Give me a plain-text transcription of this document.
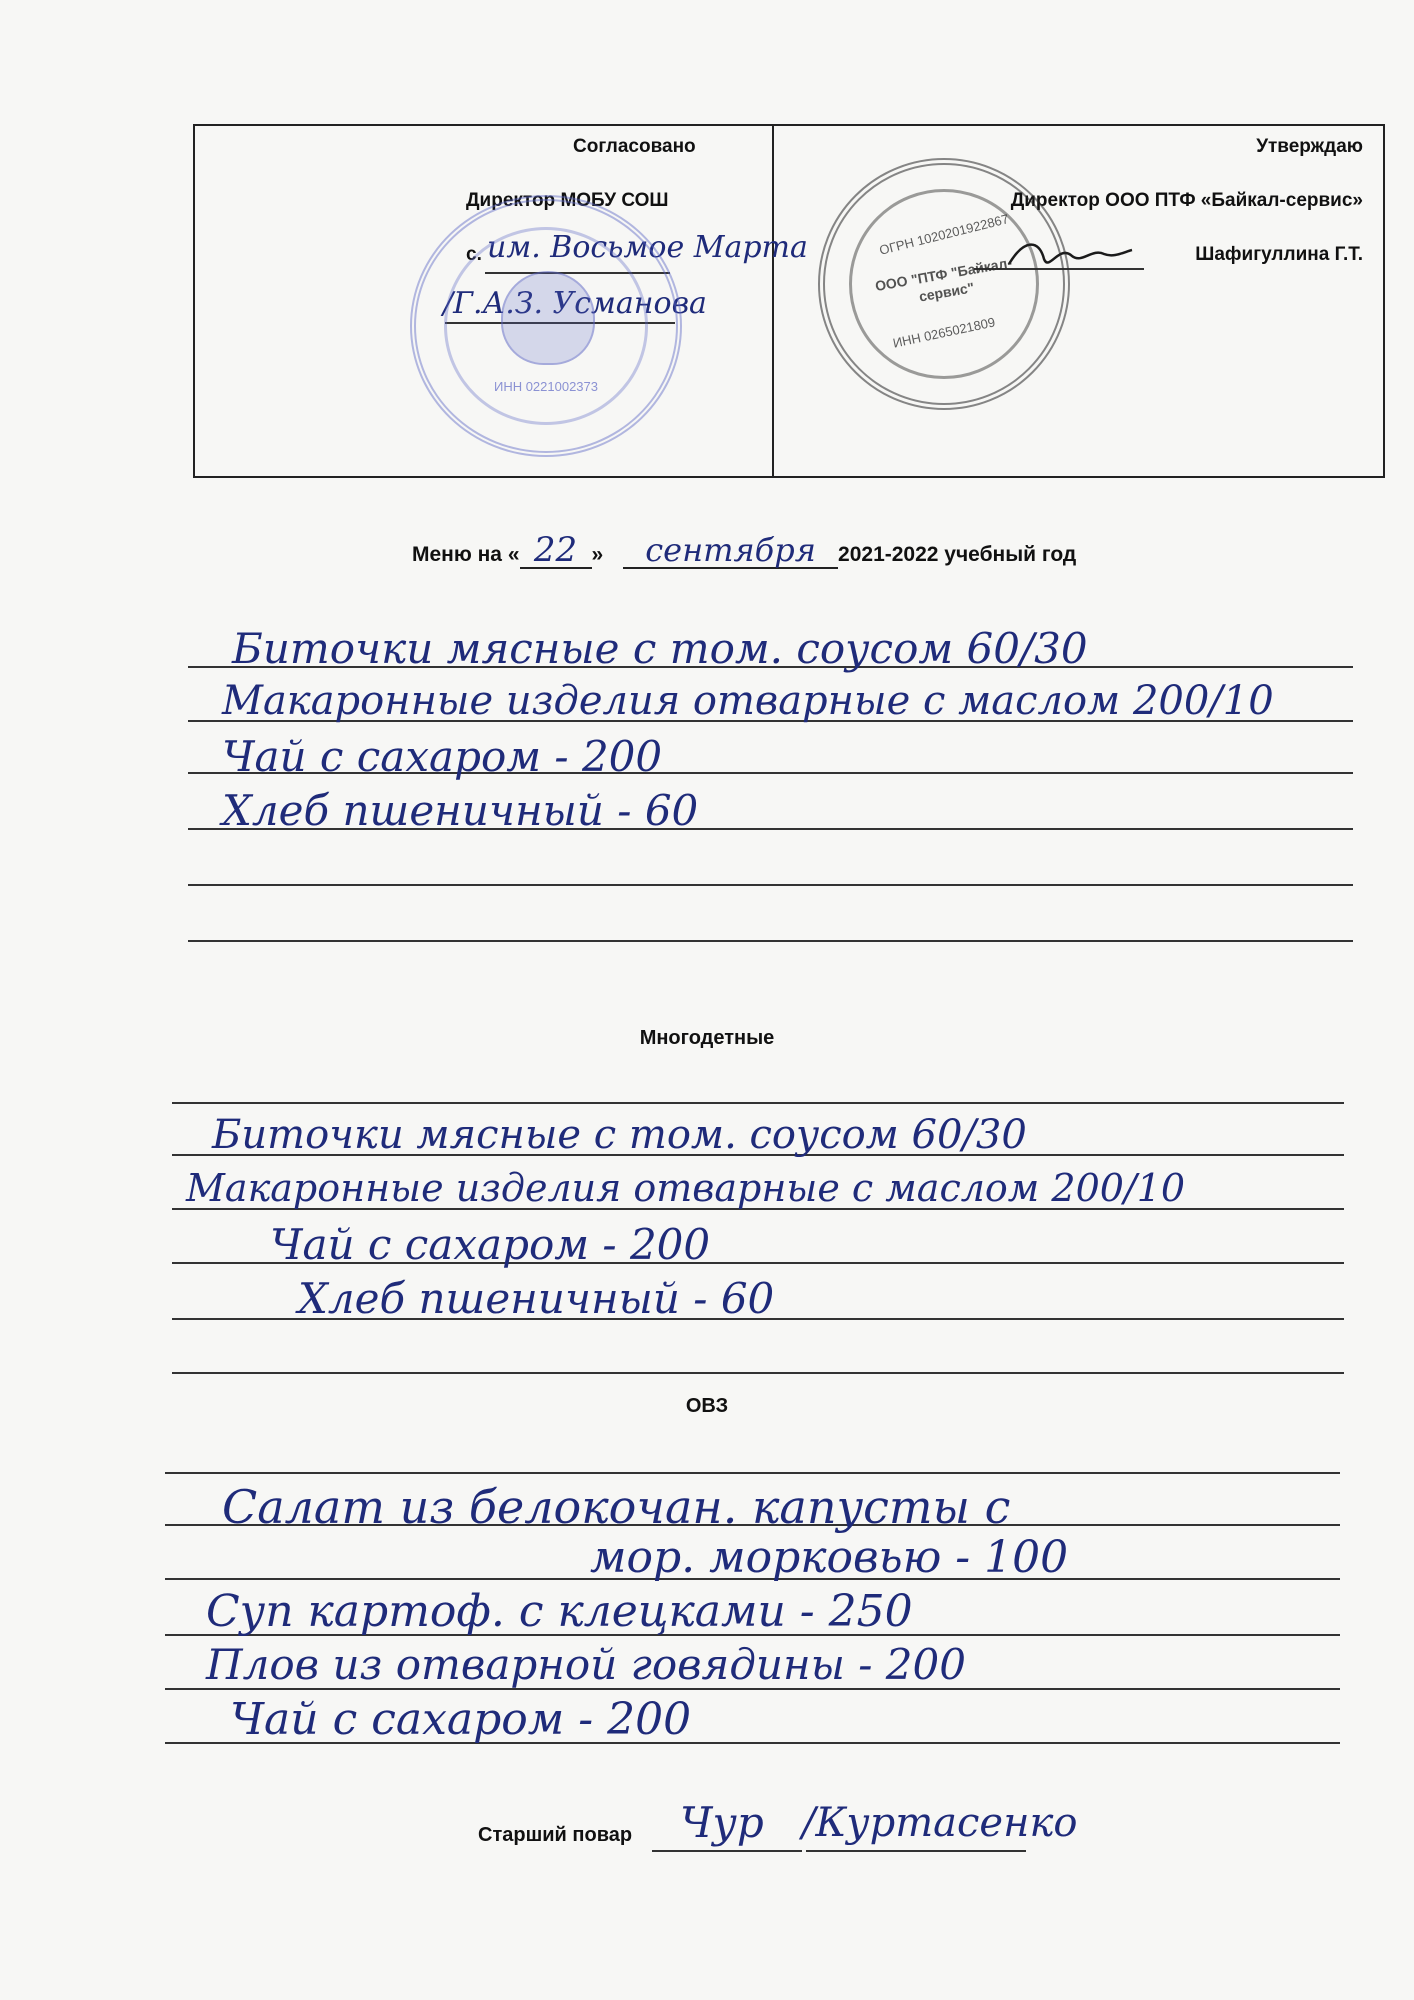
Согласовано
Директор МОБУ СОШ
с. им. Восьмое Марта
/Г.А.З. Усманова
Утверждаю
Директор ООО ПТФ «Байкал-сервис»
Шафигуллина Г.Т.
ИНН 0221002373
ОГРН 1020201922867
ООО "ПТФ "Байкал-сервис"
ИНН 0265021809
Меню на « 22 » сентября 2021-2022 учебный год
Биточки мясные с том. соусом 60/30
Макаронные изделия отварные с маслом 200/10
Чай с сахаром - 200
Хлеб пшеничный - 60
Многодетные
Биточки мясные с том. соусом 60/30
Макаронные изделия отварные с маслом 200/10
Чай с сахаром - 200
Хлеб пшеничный - 60
ОВЗ
Салат из белокочан. капусты с
мор. морковью - 100
Суп картоф. с клецками - 250
Плов из отварной говядины - 200
Чай с сахаром - 200
Старший повар Чур /Куртасенко
